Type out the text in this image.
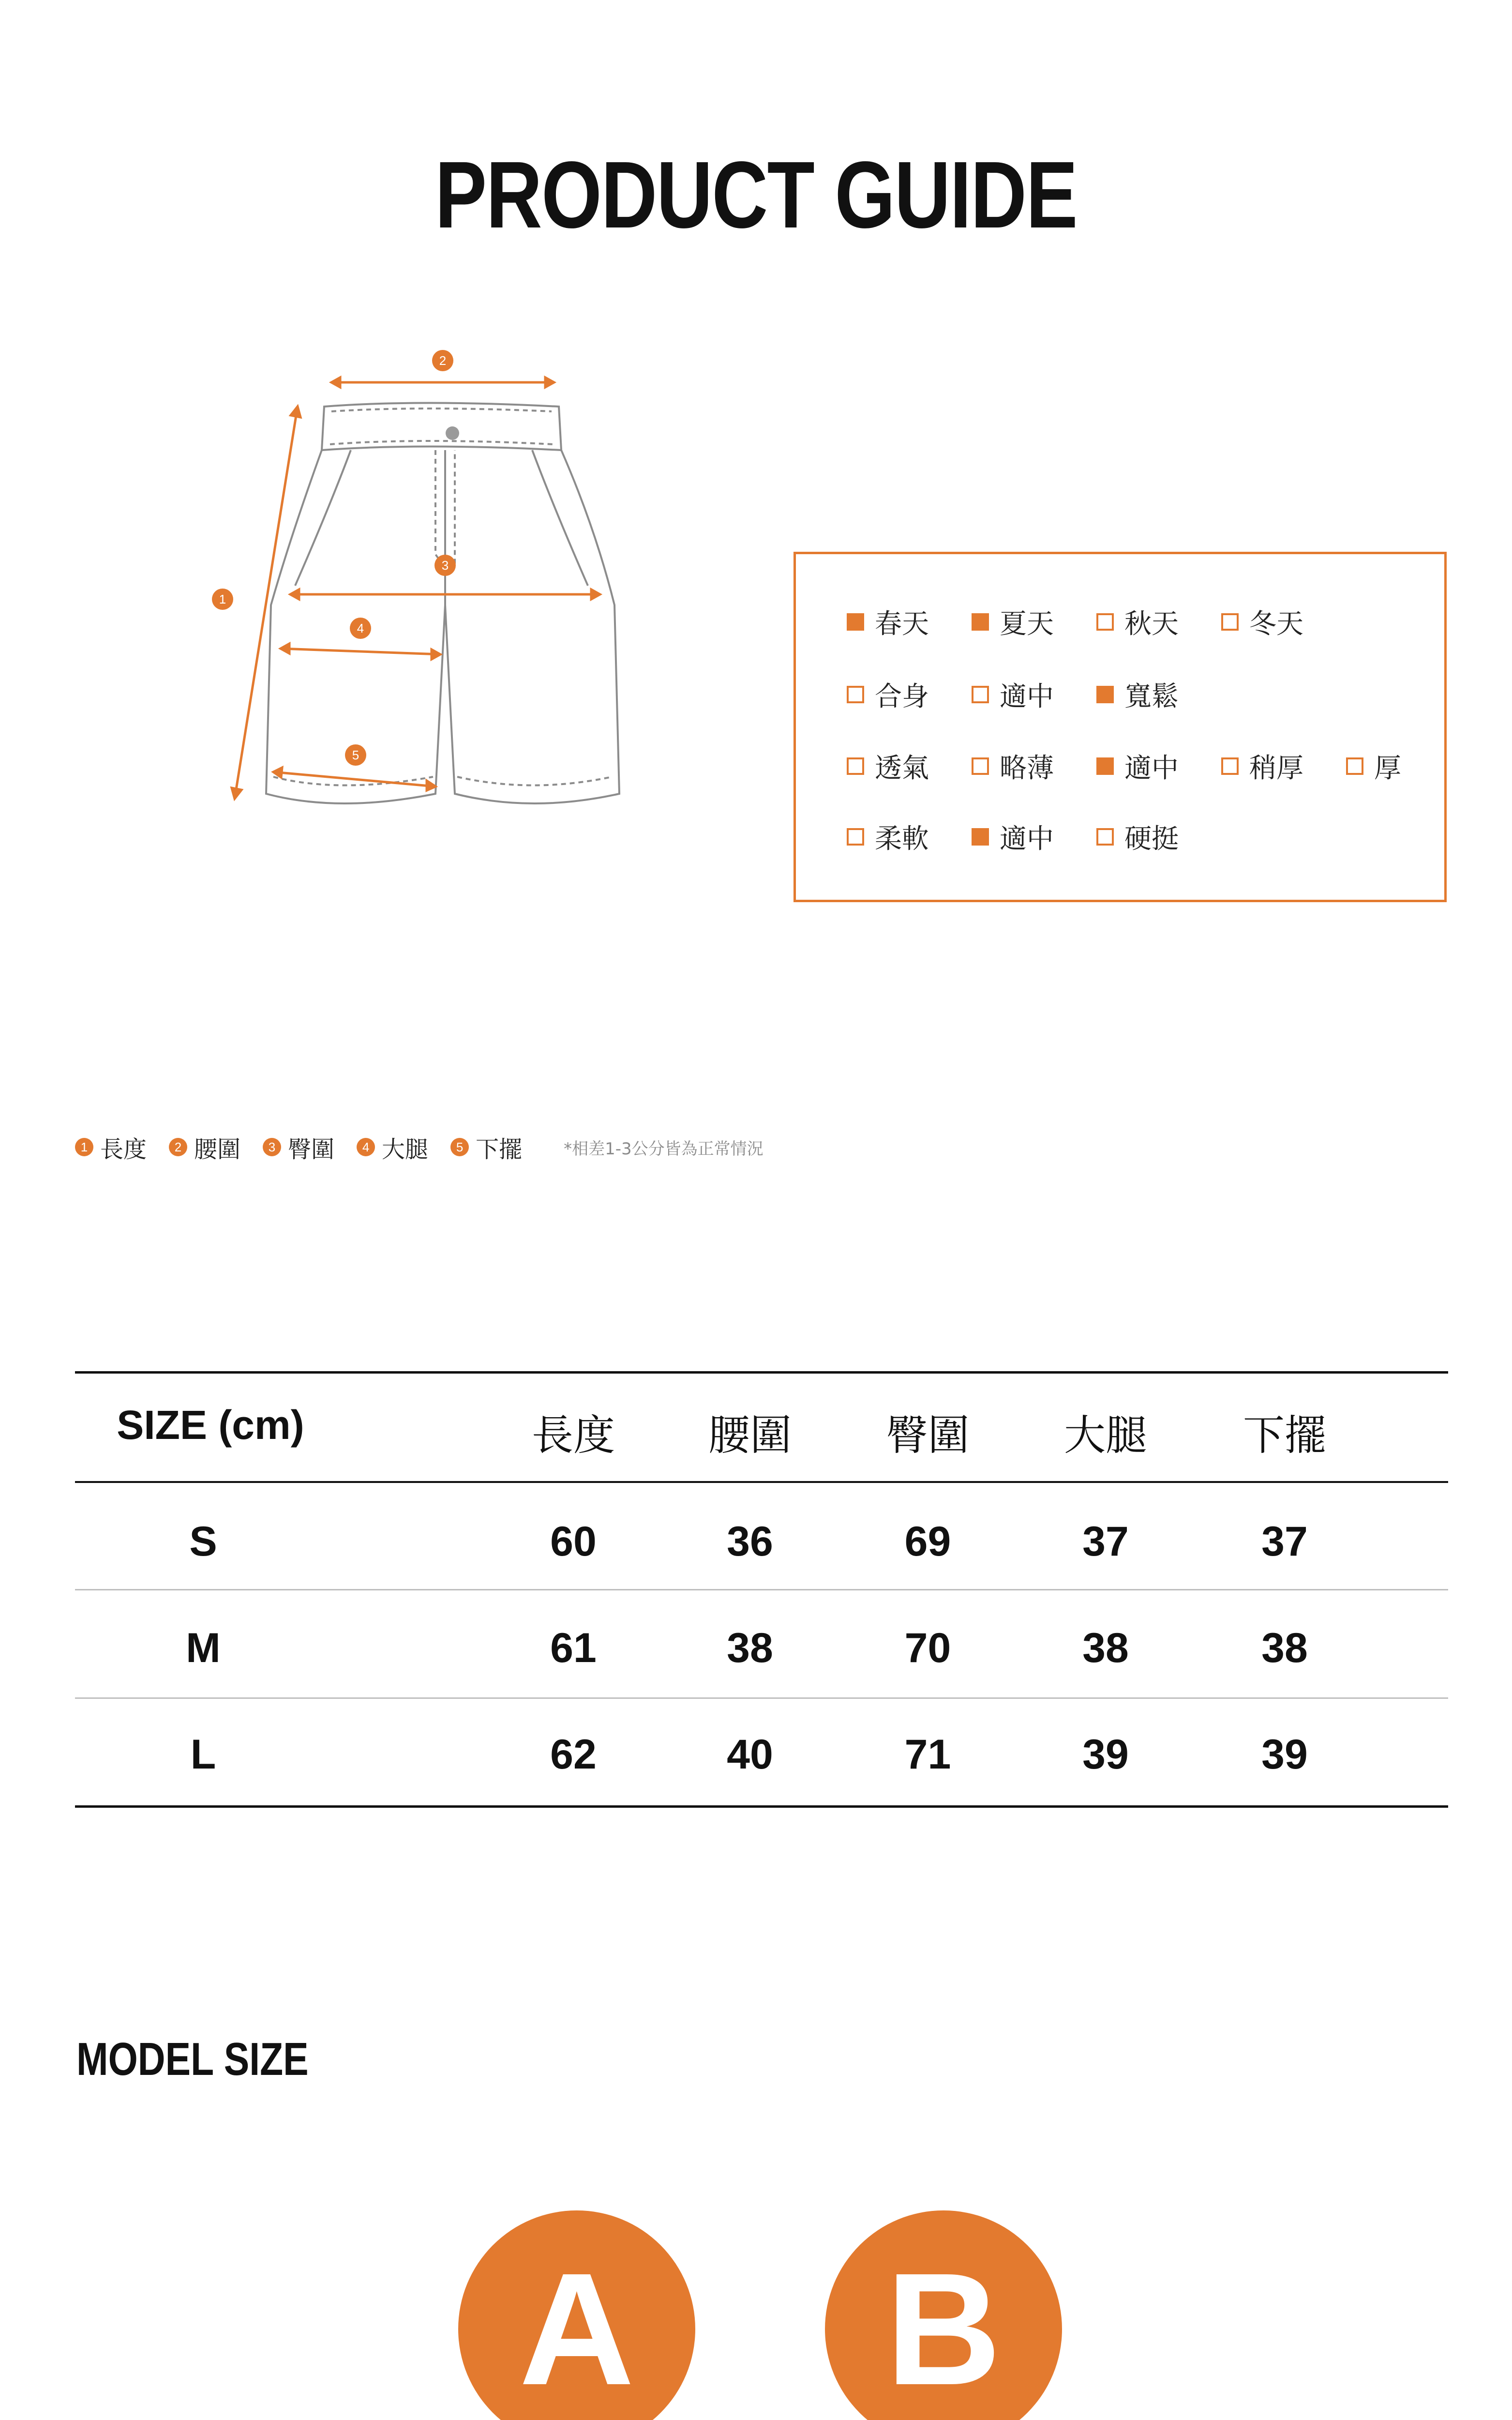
PRODUCT GUIDE
1
2
3
4
5
春天	夏天	秋天	冬天
合身	適中	寬鬆
透氣	略薄	適中	稍厚	厚
柔軟	適中	硬挺
1 長度	2 腰圍	3 臀圍	4 大腿	5 下擺	*相差1-3公分皆為正常情況
SIZE (cm)	長度	腰圍	臀圍	大腿	下擺
S	60	36	69	37	37
M	61	38	70	38	38
L	62	40	71	39	39
MODEL SIZE
A	B
